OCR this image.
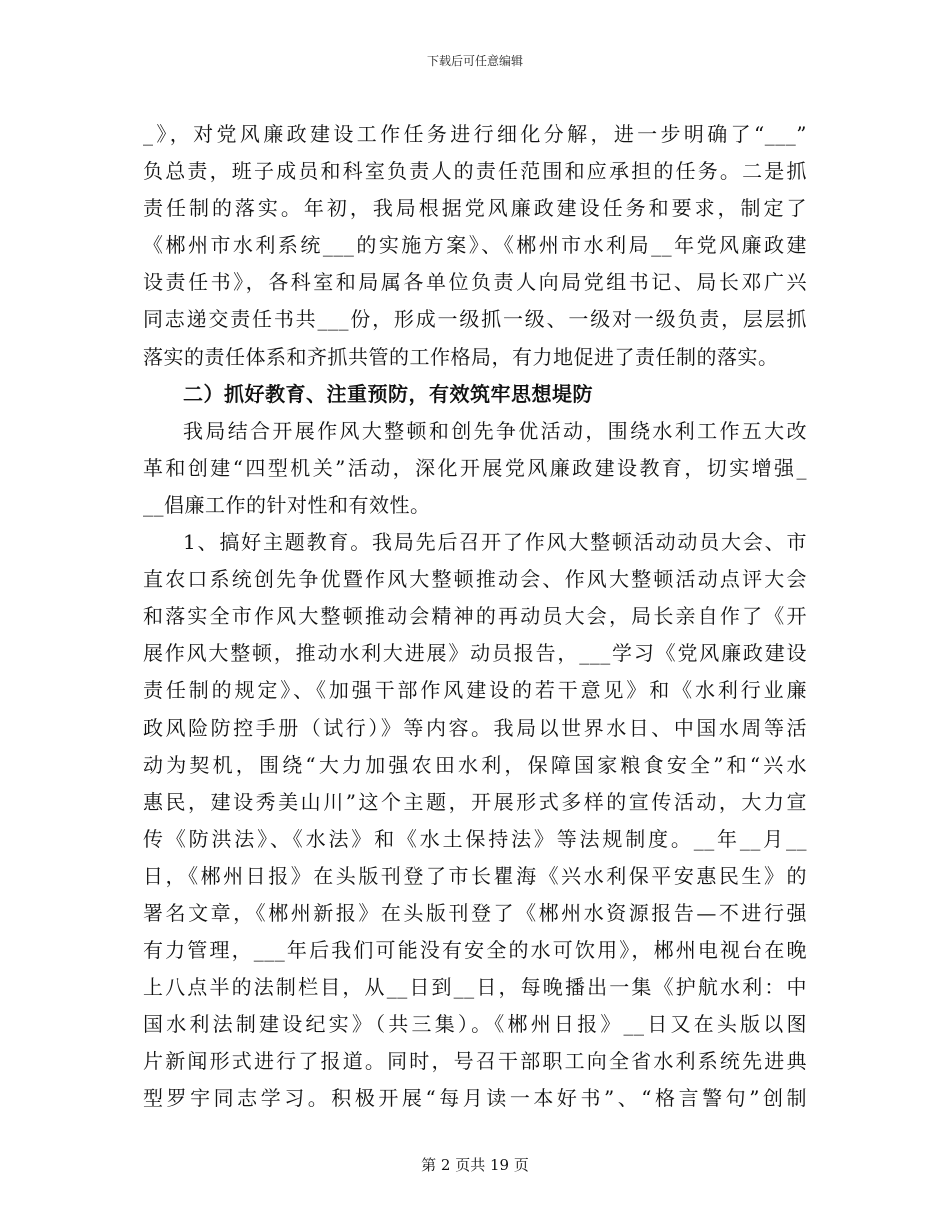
下载后可任意编辑
_》，对党风廉政建设工作任务进行细化分解，进一步明确了“___”
负总责，班子成员和科室负责人的责任范围和应承担的任务。二是抓
责任制的落实。年初，我局根据党风廉政建设任务和要求，制定了
《郴州市水利系统___的实施方案》、《郴州市水利局__年党风廉政建
设责任书》，各科室和局属各单位负责人向局党组书记、局长邓广兴
同志递交责任书共___份，形成一级抓一级、一级对一级负责，层层抓
落实的责任体系和齐抓共管的工作格局，有力地促进了责任制的落实。
二）抓好教育、注重预防，有效筑牢思想堤防
我局结合开展作风大整顿和创先争优活动，围绕水利工作五大改
革和创建“四型机关”活动，深化开展党风廉政建设教育，切实增强_
__倡廉工作的针对性和有效性。
1、搞好主题教育。我局先后召开了作风大整顿活动动员大会、市
直农口系统创先争优暨作风大整顿推动会、作风大整顿活动点评大会
和落实全市作风大整顿推动会精神的再动员大会，局长亲自作了《开
展作风大整顿，推动水利大进展》动员报告，___学习《党风廉政建设
责任制的规定》、《加强干部作风建设的若干意见》和《水利行业廉
政风险防控手册（试行）》等内容。我局以世界水日、中国水周等活
动为契机，围绕“大力加强农田水利，保障国家粮食安全”和“兴水
惠民，建设秀美山川”这个主题，开展形式多样的宣传活动，大力宣
传《防洪法》、《水法》和《水土保持法》等法规制度。__年__月__
日，《郴州日报》在头版刊登了市长瞿海《兴水利保平安惠民生》的
署名文章，《郴州新报》在头版刊登了《郴州水资源报告—不进行强
有力管理，___年后我们可能没有安全的水可饮用》，郴州电视台在晚
上八点半的法制栏目，从__日到__日，每晚播出一集《护航水利：中
国水利法制建设纪实》（共三集）。《郴州日报》__日又在头版以图
片新闻形式进行了报道。同时，号召干部职工向全省水利系统先进典
型罗宇同志学习。积极开展“每月读一本好书”、“格言警句”创制
第 2 页共 19 页
